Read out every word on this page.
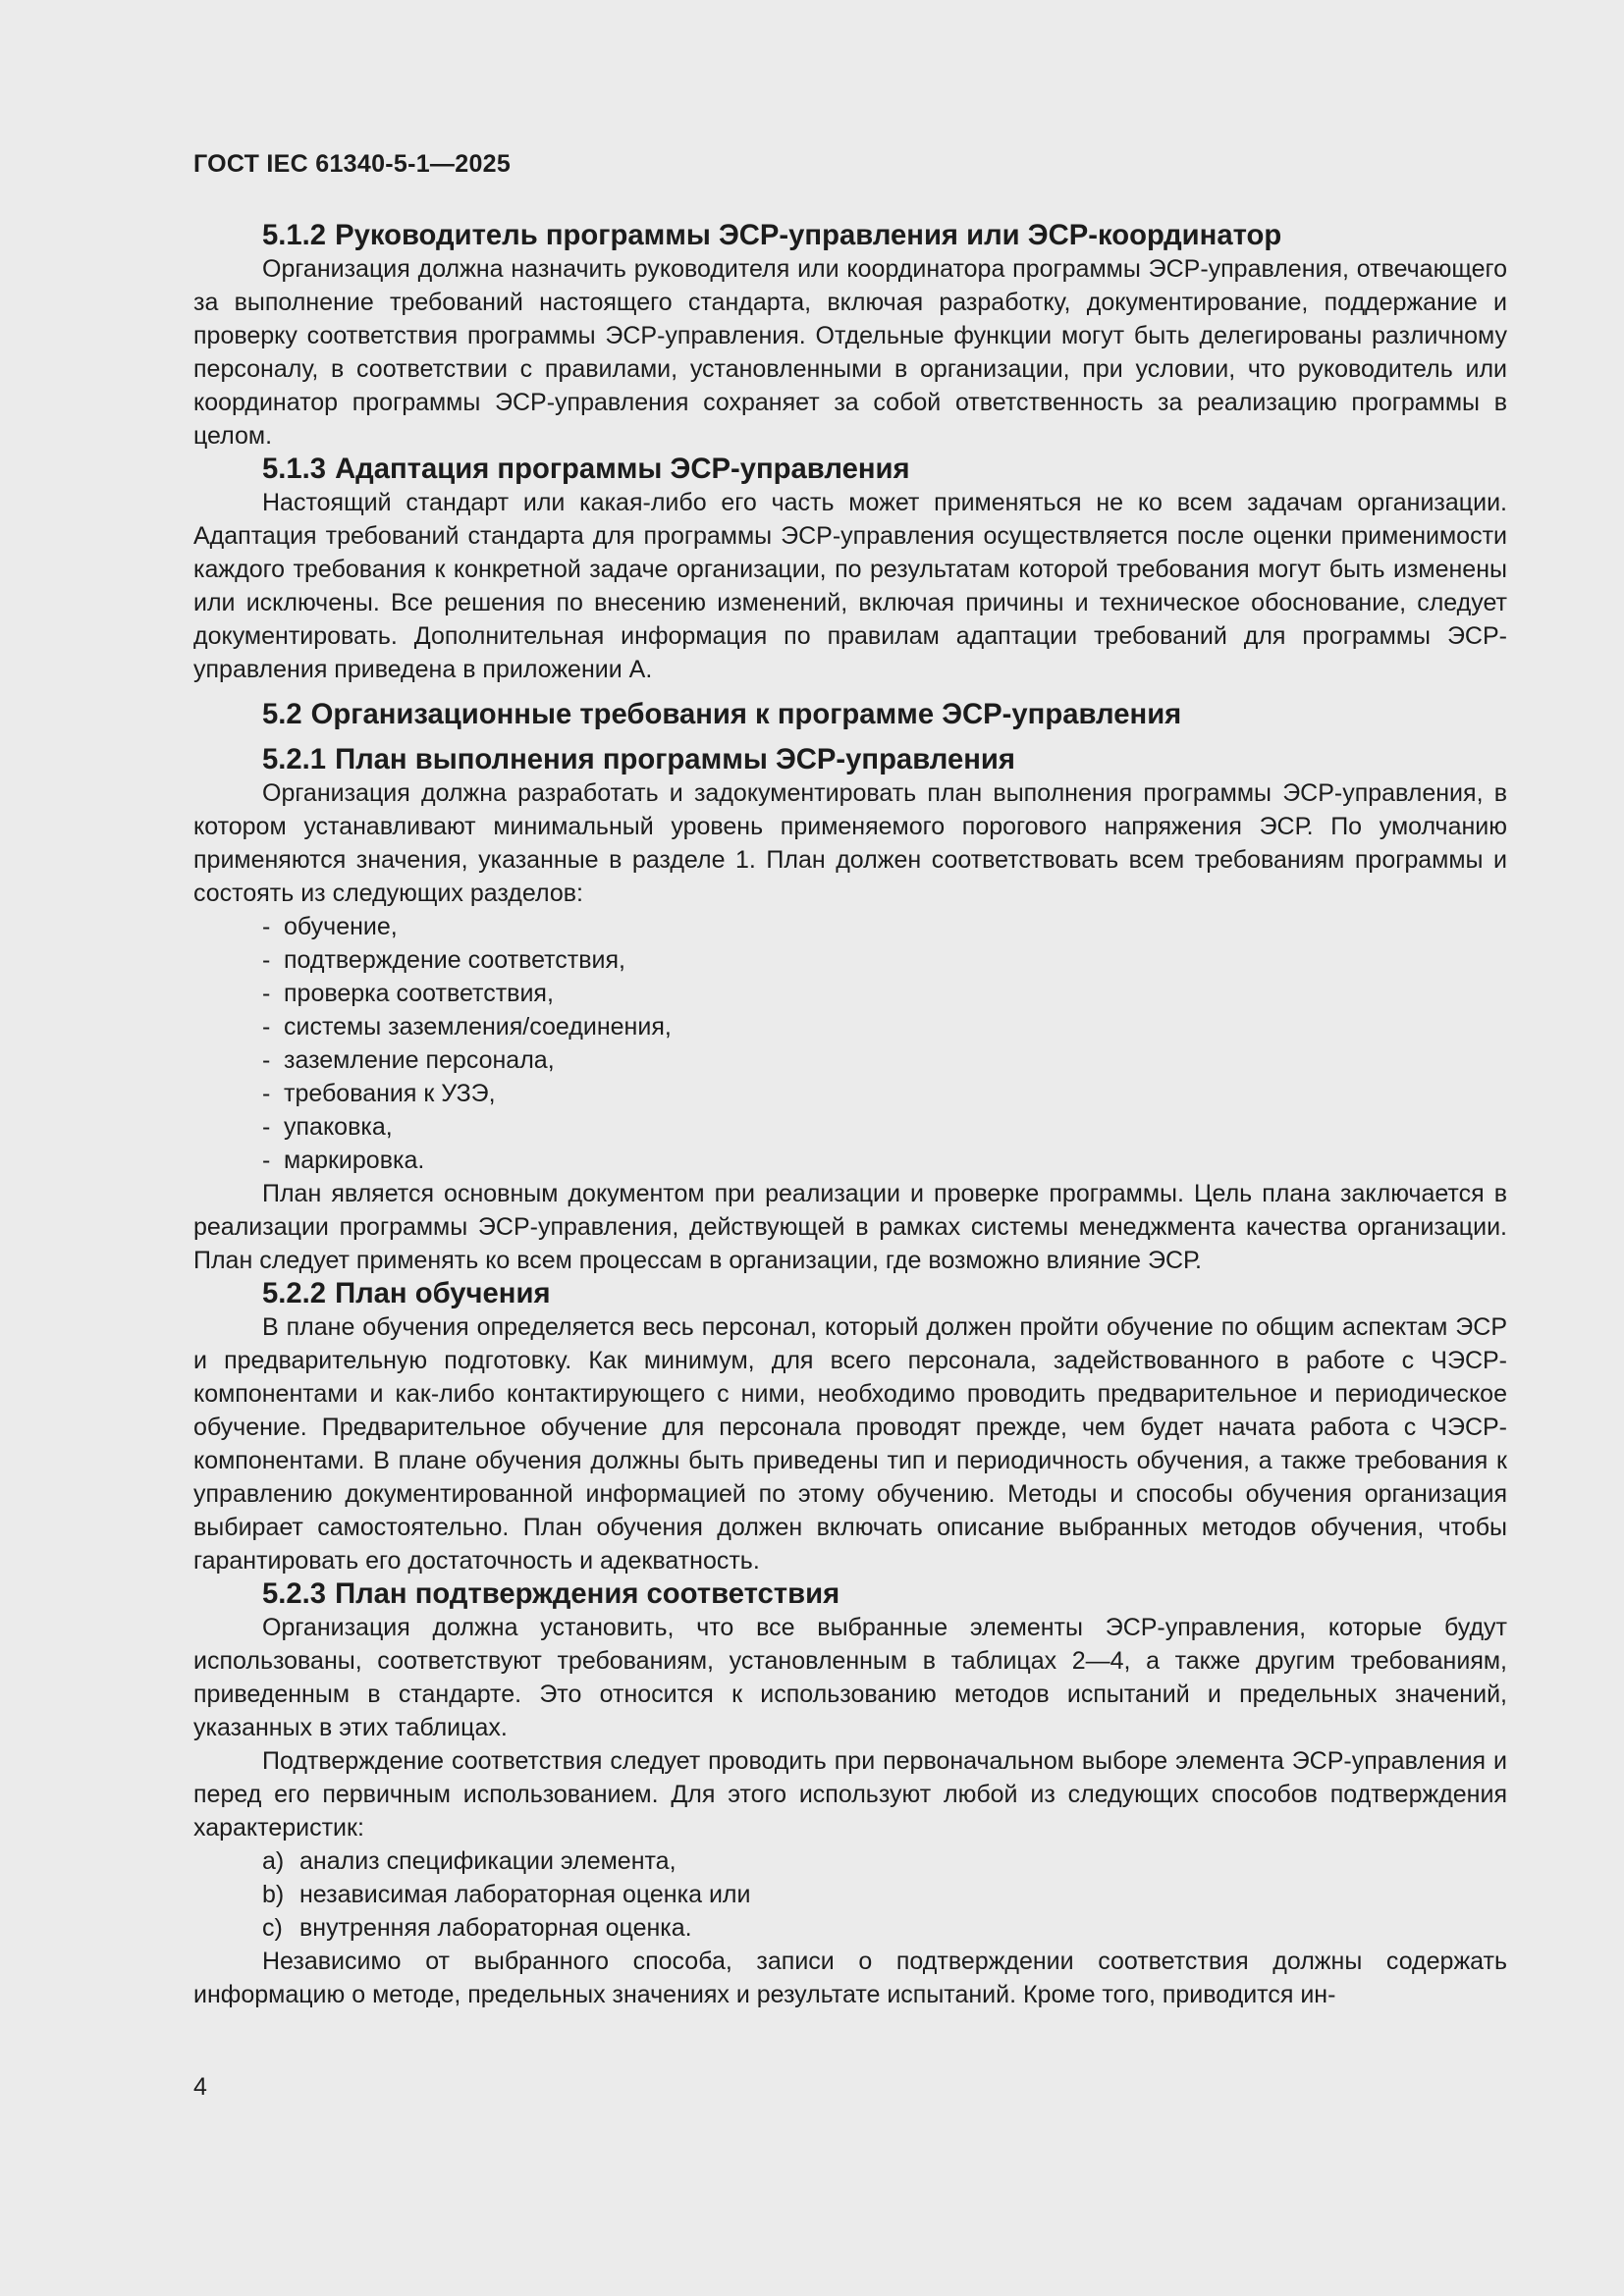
ГОСТ IEC 61340-5-1—2025
5.1.2 Руководитель программы ЭСР-управления или ЭСР-координатор

Организация должна назначить руководителя или координатора программы ЭСР-управления, отвечающего за выполнение требований настоящего стандарта, включая разработку, документирование, поддержание и проверку соответствия программы ЭСР-управления. Отдельные функции могут быть делегированы различному персоналу, в соответствии с правилами, установленными в организации, при условии, что руководитель или координатор программы ЭСР-управления сохраняет за собой ответственность за реализацию программы в целом.

5.1.3 Адаптация программы ЭСР-управления

Настоящий стандарт или какая-либо его часть может применяться не ко всем задачам организации. Адаптация требований стандарта для программы ЭСР-управления осуществляется после оценки применимости каждого требования к конкретной задаче организации, по результатам которой требования могут быть изменены или исключены. Все решения по внесению изменений, включая причины и техническое обоснование, следует документировать. Дополнительная информация по правилам адаптации требований для программы ЭСР-управления приведена в приложении А.

5.2 Организационные требования к программе ЭСР-управления
5.2.1 План выполнения программы ЭСР-управления

Организация должна разработать и задокументировать план выполнения программы ЭСР-управления, в котором устанавливают минимальный уровень применяемого порогового напряжения ЭСР. По умолчанию применяются значения, указанные в разделе 1. План должен соответствовать всем требованиям программы и состоять из следующих разделов:

- обучение,
- подтверждение соответствия,
- проверка соответствия,
- системы заземления/соединения,
- заземление персонала,
- требования к УЗЭ,
- упаковка,
- маркировка.

План является основным документом при реализации и проверке программы. Цель плана заключается в реализации программы ЭСР-управления, действующей в рамках системы менеджмента качества организации. План следует применять ко всем процессам в организации, где возможно влияние ЭСР.

5.2.2 План обучения

В плане обучения определяется весь персонал, который должен пройти обучение по общим аспектам ЭСР и предварительную подготовку. Как минимум, для всего персонала, задействованного в работе с ЧЭСР-компонентами и как-либо контактирующего с ними, необходимо проводить предварительное и периодическое обучение. Предварительное обучение для персонала проводят прежде, чем будет начата работа с ЧЭСР-компонентами. В плане обучения должны быть приведены тип и периодичность обучения, а также требования к управлению документированной информацией по этому обучению. Методы и способы обучения организация выбирает самостоятельно. План обучения должен включать описание выбранных методов обучения, чтобы гарантировать его достаточность и адекватность.

5.2.3 План подтверждения соответствия

Организация должна установить, что все выбранные элементы ЭСР-управления, которые будут использованы, соответствуют требованиям, установленным в таблицах 2—4, а также другим требованиям, приведенным в стандарте. Это относится к использованию методов испытаний и предельных значений, указанных в этих таблицах.

Подтверждение соответствия следует проводить при первоначальном выборе элемента ЭСР-управления и перед его первичным использованием. Для этого используют любой из следующих способов подтверждения характеристик:

a) анализ спецификации элемента,
b) независимая лабораторная оценка или
c) внутренняя лабораторная оценка.

Независимо от выбранного способа, записи о подтверждении соответствия должны содержать информацию о методе, предельных значениях и результате испытаний. Кроме того, приводится ин-

4
